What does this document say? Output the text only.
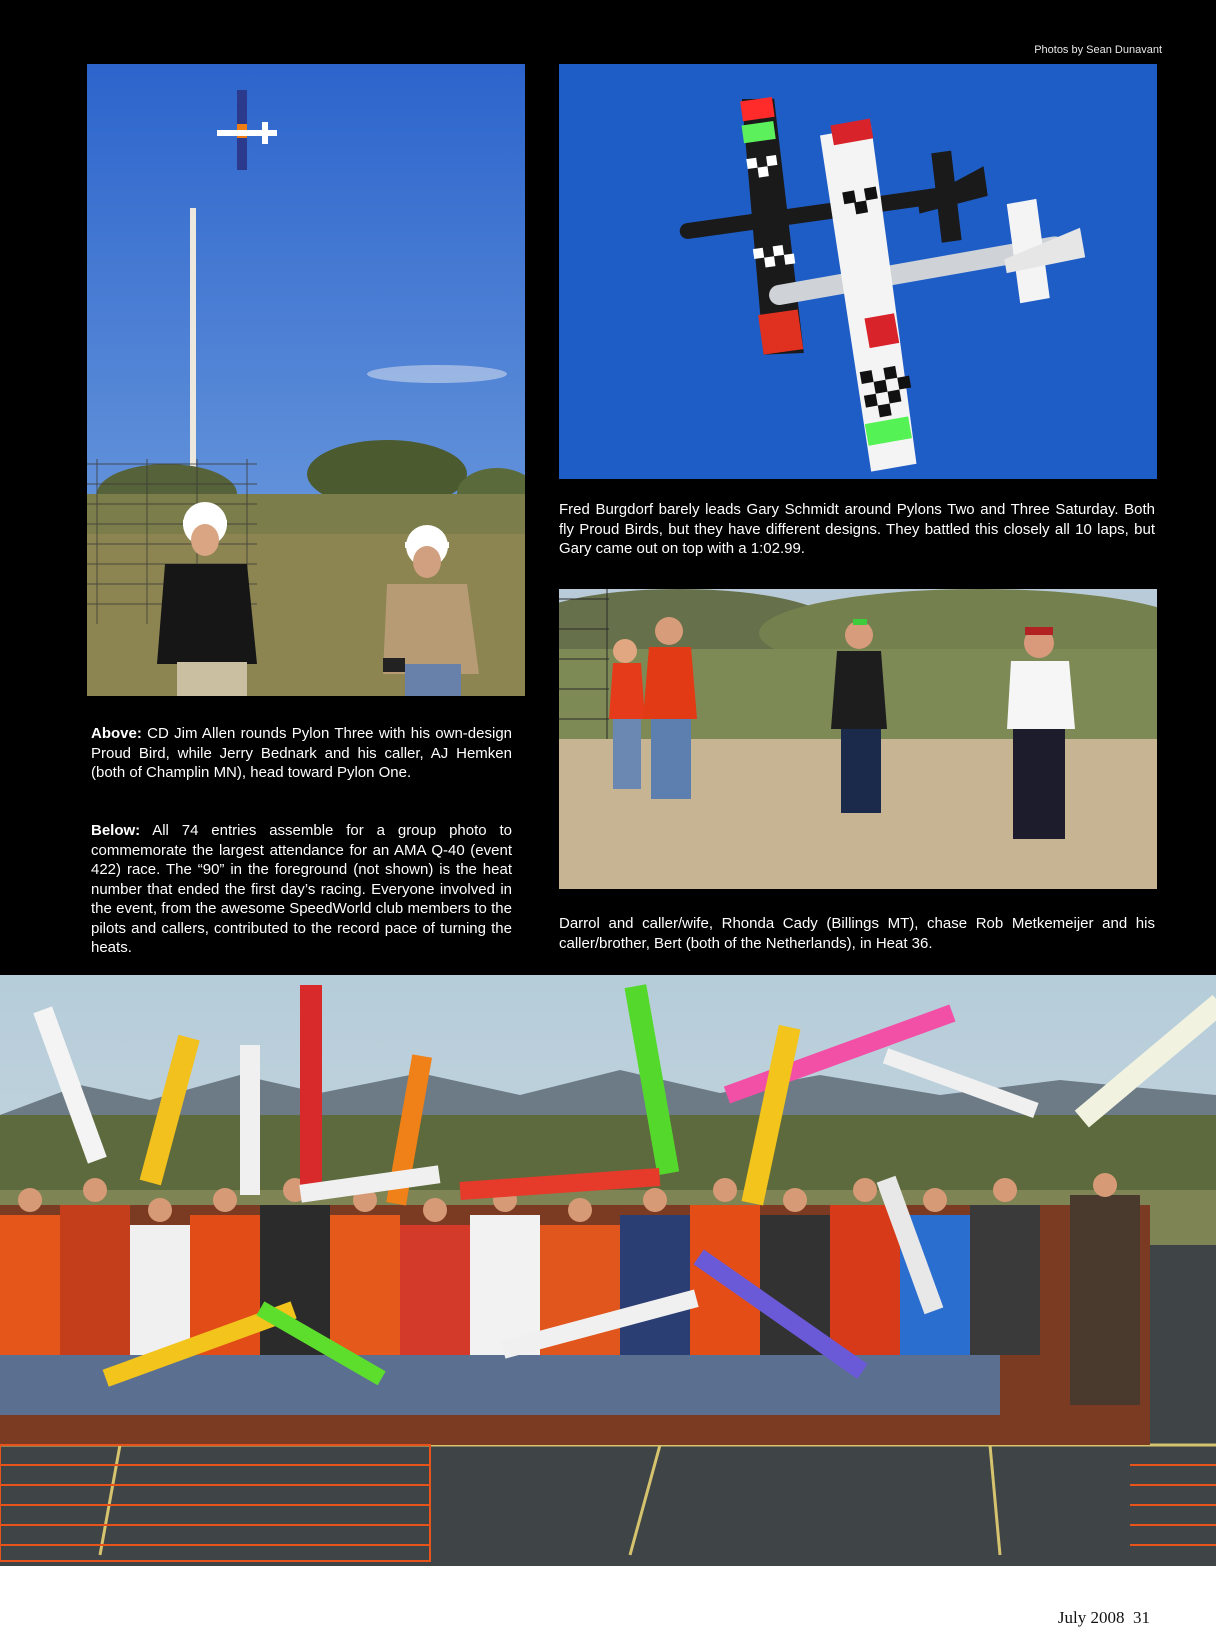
Photos by Sean Dunavant
Above: CD Jim Allen rounds Pylon Three with his own-design Proud Bird, while Jerry Bednark and his caller, AJ Hemken (both of Champlin MN), head toward Pylon One.
Below: All 74 entries assemble for a group photo to commemorate the largest attendance for an AMA Q-40 (event 422) race. The “90” in the foreground (not shown) is the heat number that ended the first day’s racing. Everyone involved in the event, from the awesome SpeedWorld club members to the pilots and callers, contributed to the record pace of turning the heats.
Fred Burgdorf barely leads Gary Schmidt around Pylons Two and Three Saturday. Both fly Proud Birds, but they have different designs. They battled this closely all 10 laps, but Gary came out on top with a 1:02.99.
Darrol and caller/wife, Rhonda Cady (Billings MT), chase Rob Metkemeijer and his caller/brother, Bert (both of the Netherlands), in Heat 36.
July 2008 31
